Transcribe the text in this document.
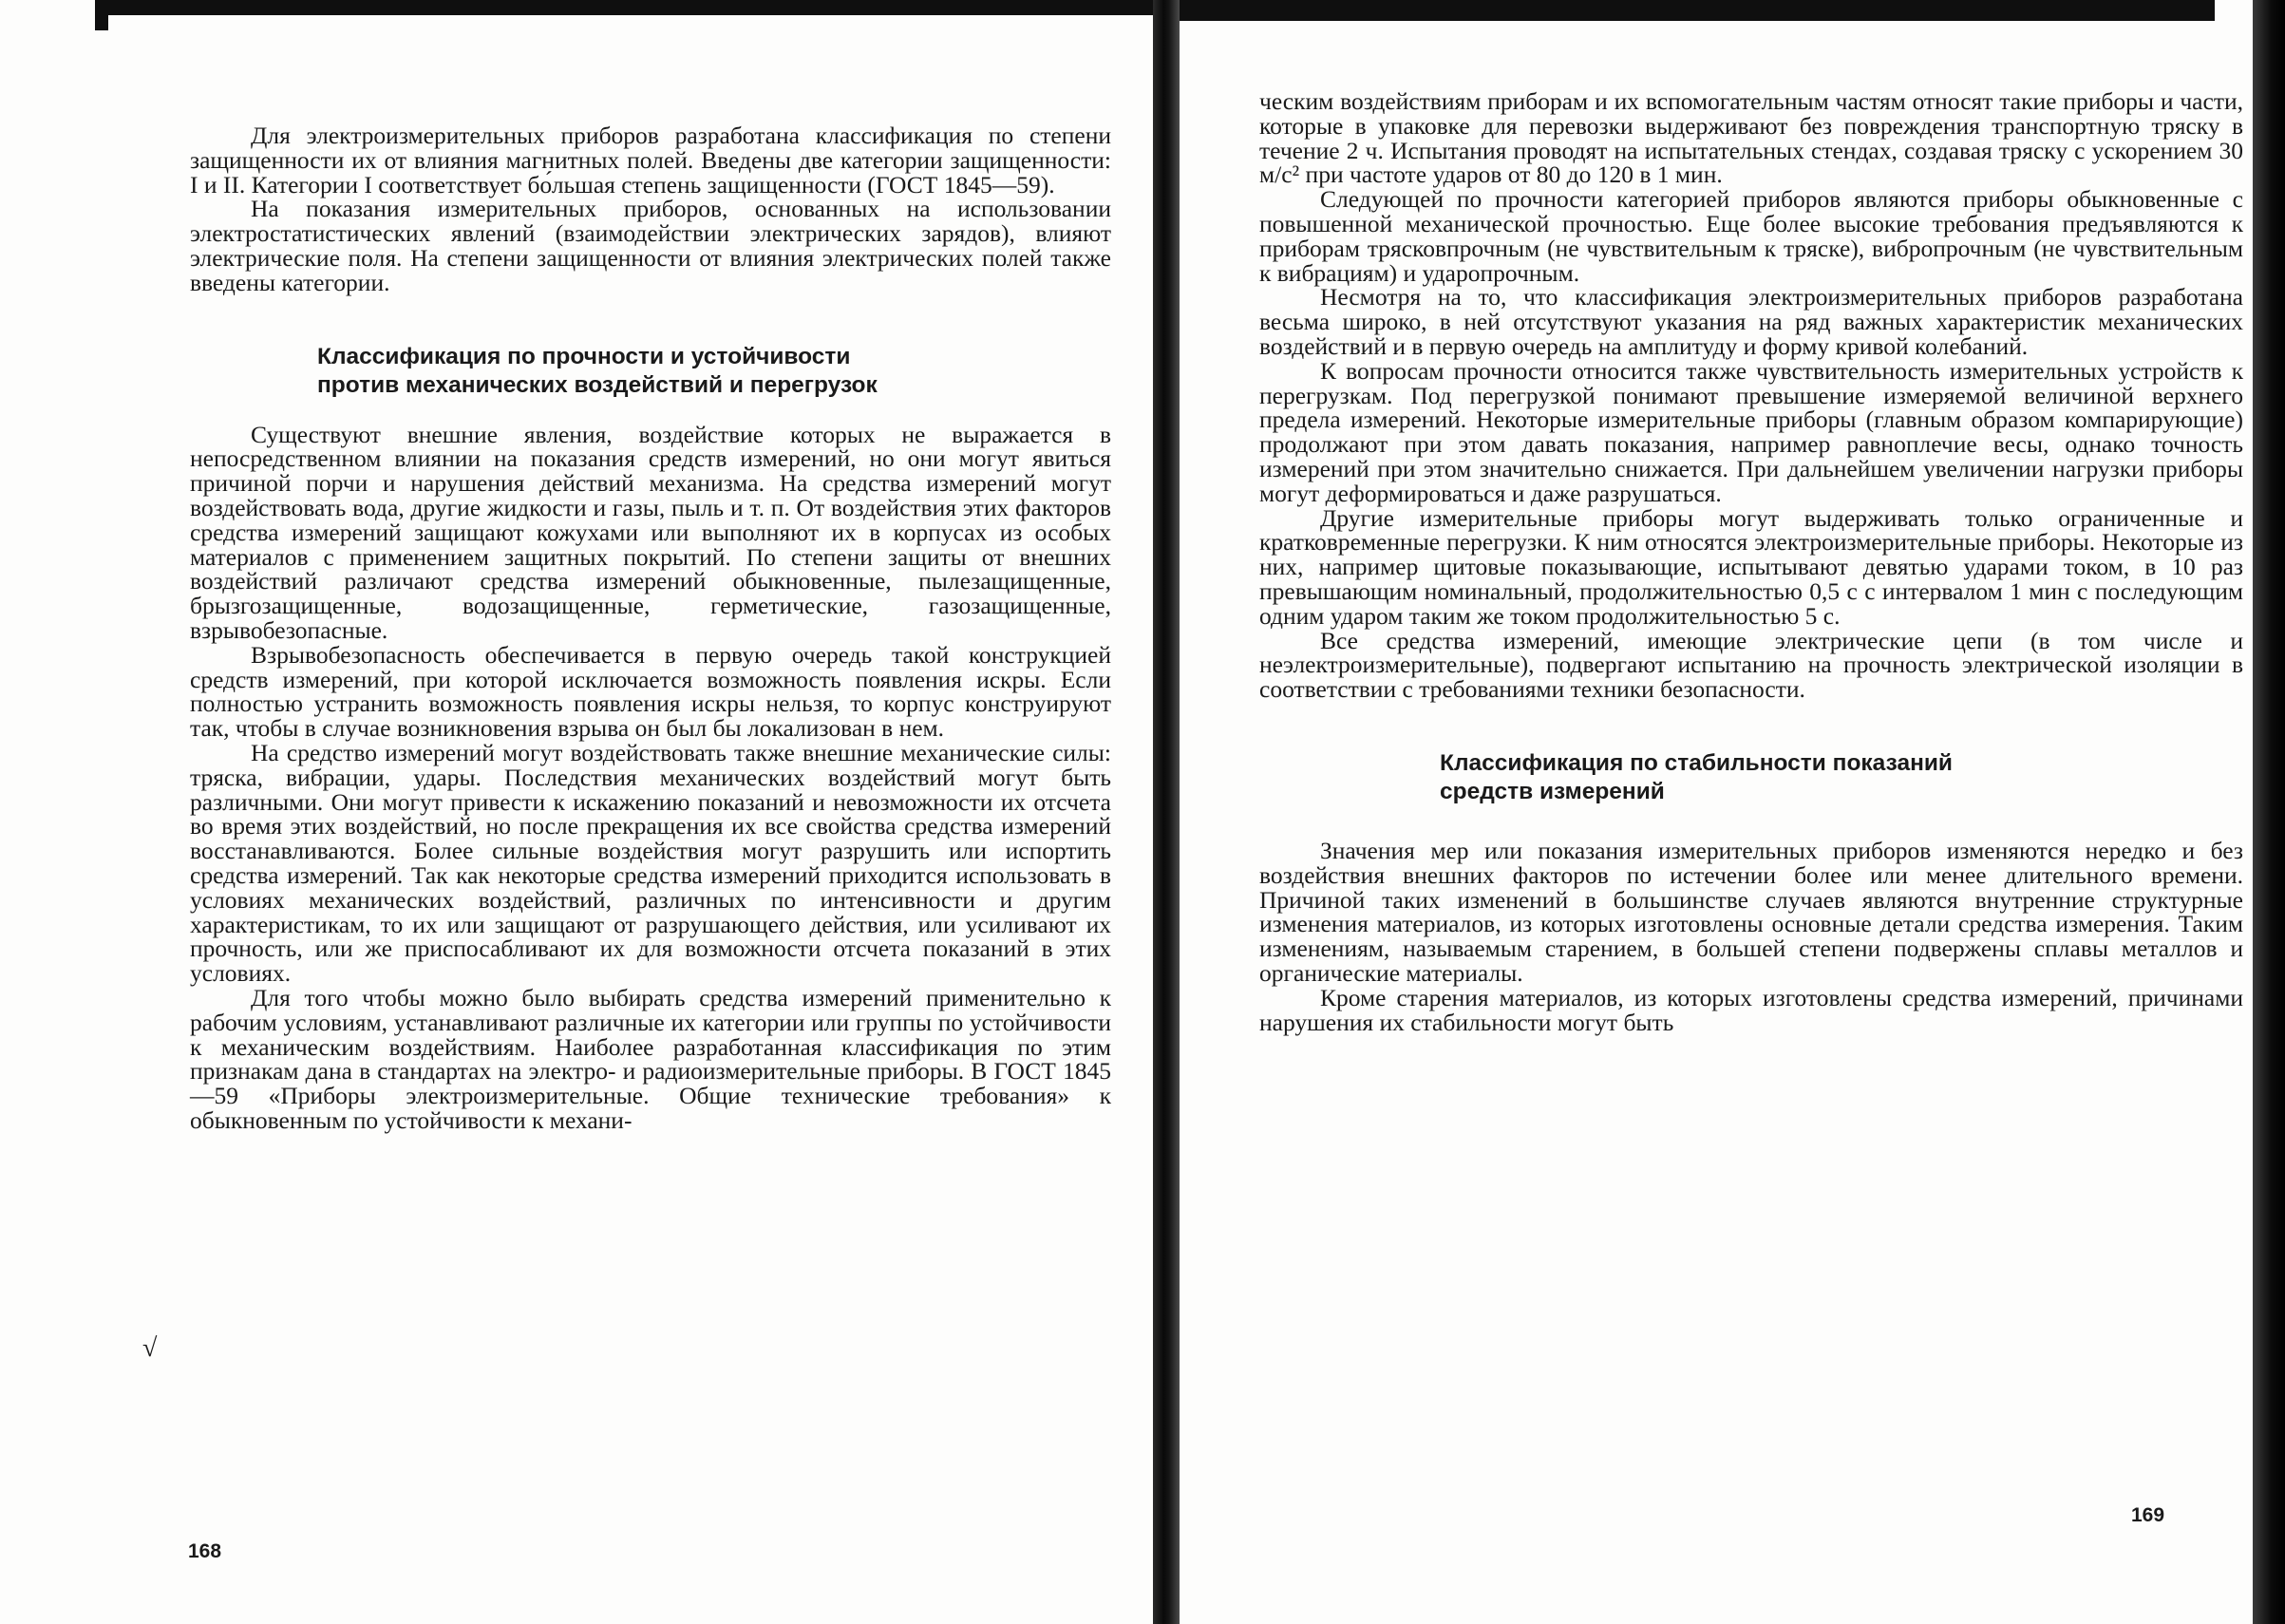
Для электроизмерительных приборов разработана классификация по степени защищенности их от влияния магнитных полей. Введены две категории защищенности: I и II. Категории I соответствует бо́льшая степень защищенности (ГОСТ 1845—59).

На показания измерительных приборов, основанных на использовании электростатистических явлений (взаимодействии электрических зарядов), влияют электрические поля. На степени защищенности от влияния электрических полей также введены категории.

Классификация по прочности и устойчивости
против механических воздействий и перегрузок

Существуют внешние явления, воздействие которых не выражается в непосредственном влиянии на показания средств измерений, но они могут явиться причиной порчи и нарушения действий механизма. На средства измерений могут воздействовать вода, другие жидкости и газы, пыль и т. п. От воздействия этих факторов средства измерений защищают кожухами или выполняют их в корпусах из особых материалов с применением защитных покрытий. По степени защиты от внешних воздействий различают средства измерений обыкновенные, пылезащищенные, брызгозащищенные, водозащищенные, герметические, газозащищенные, взрывобезопасные.

Взрывобезопасность обеспечивается в первую очередь такой конструкцией средств измерений, при которой исключается возможность появления искры. Если полностью устранить возможность появления искры нельзя, то корпус конструируют так, чтобы в случае возникновения взрыва он был бы локализован в нем.

На средство измерений могут воздействовать также внешние механические силы: тряска, вибрации, удары. Последствия механических воздействий могут быть различными. Они могут привести к искажению показаний и невозможности их отсчета во время этих воздействий, но после прекращения их все свойства средства измерений восстанавливаются. Более сильные воздействия могут разрушить или испортить средства измерений. Так как некоторые средства измерений приходится использовать в условиях механических воздействий, различных по интенсивности и другим характеристикам, то их или защищают от разрушающего действия, или усиливают их прочность, или же приспосабливают их для возможности отсчета показаний в этих условиях.

Для того чтобы можно было выбирать средства измерений применительно к рабочим условиям, устанавливают различные их категории или группы по устойчивости к механическим воздействиям. Наиболее разработанная классификация по этим признакам дана в стандартах на электро- и радиоизмерительные приборы. В ГОСТ 1845—59 «Приборы электроизмерительные. Общие технические требования» к обыкновенным по устойчивости к механи-

√
168

ческим воздействиям приборам и их вспомогательным частям относят такие приборы и части, которые в упаковке для перевозки выдерживают без повреждения транспортную тряску в течение 2 ч. Испытания проводят на испытательных стендах, создавая тряску с ускорением 30 м/с² при частоте ударов от 80 до 120 в 1 мин.

Следующей по прочности категорией приборов являются приборы обыкновенные с повышенной механической прочностью. Еще более высокие требования предъявляются к приборам трясковпрочным (не чувствительным к тряске), вибропрочным (не чувствительным к вибрациям) и ударопрочным.

Несмотря на то, что классификация электроизмерительных приборов разработана весьма широко, в ней отсутствуют указания на ряд важных характеристик механических воздействий и в первую очередь на амплитуду и форму кривой колебаний.

К вопросам прочности относится также чувствительность измерительных устройств к перегрузкам. Под перегрузкой понимают превышение измеряемой величиной верхнего предела измерений. Некоторые измерительные приборы (главным образом компарирующие) продолжают при этом давать показания, например равноплечие весы, однако точность измерений при этом значительно снижается. При дальнейшем увеличении нагрузки приборы могут деформироваться и даже разрушаться.

Другие измерительные приборы могут выдерживать только ограниченные и кратковременные перегрузки. К ним относятся электроизмерительные приборы. Некоторые из них, например щитовые показывающие, испытывают девятью ударами током, в 10 раз превышающим номинальный, продолжительностью 0,5 с с интервалом 1 мин с последующим одним ударом таким же током продолжительностью 5 с.

Все средства измерений, имеющие электрические цепи (в том числе и неэлектроизмерительные), подвергают испытанию на прочность электрической изоляции в соответствии с требованиями техники безопасности.

Классификация по стабильности показаний
средств измерений

Значения мер или показания измерительных приборов изменяются нередко и без воздействия внешних факторов по истечении более или менее длительного времени. Причиной таких изменений в большинстве случаев являются внутренние структурные изменения материалов, из которых изготовлены основные детали средства измерения. Таким изменениям, называемым старением, в большей степени подвержены сплавы металлов и органические материалы.

Кроме старения материалов, из которых изготовлены средства измерений, причинами нарушения их стабильности могут быть

169
